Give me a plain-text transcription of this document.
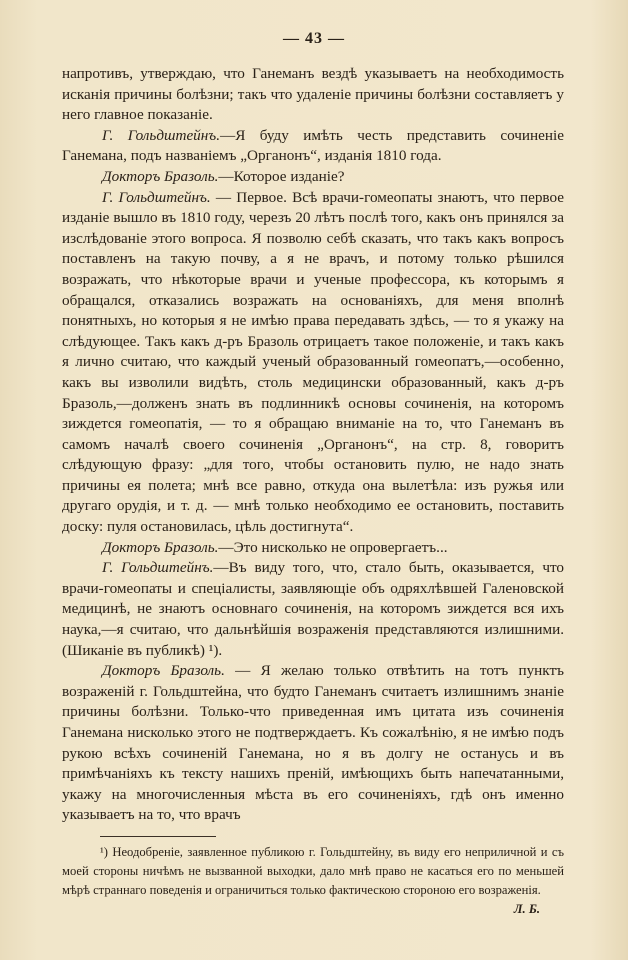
— 43 —

напротивъ, утверждаю, что Ганеманъ вездѣ указываетъ на необходимость исканія причины болѣзни; такъ что удаленіе причины болѣзни составляетъ у него главное показаніе.

Г. Гольдштейнъ.—Я буду имѣть честь представить сочиненіе Ганемана, подъ названіемъ „Органонъ“, изданія 1810 года.

Докторъ Бразоль.—Которое изданіе?

Г. Гольдштейнъ. — Первое. Всѣ врачи-гомеопаты знаютъ, что первое изданіе вышло въ 1810 году, черезъ 20 лѣтъ послѣ того, какъ онъ принялся за изслѣдованіе этого вопроса. Я позволю себѣ сказать, что такъ какъ вопросъ поставленъ на такую почву, а я не врачъ, и потому только рѣшился возражать, что нѣкоторые врачи и ученые профессора, къ которымъ я обращался, отказались возражать на основаніяхъ, для меня вполнѣ понятныхъ, но которыя я не имѣю права передавать здѣсь, — то я укажу на слѣдующее. Такъ какъ д-ръ Бразоль отрицаетъ такое положеніе, и такъ какъ я лично считаю, что каждый ученый образованный гомеопатъ,—особенно, какъ вы изволили видѣть, столь медицински образованный, какъ д-ръ Бразоль,—долженъ знать въ подлинникѣ основы сочиненія, на которомъ зиждется гомеопатія, — то я обращаю вниманіе на то, что Ганеманъ въ самомъ началѣ своего сочиненія „Органонъ“, на стр. 8, говоритъ слѣдующую фразу: „для того, чтобы остановить пулю, не надо знать причины ея полета; мнѣ все равно, откуда она вылетѣла: изъ ружья или другаго орудія, и т. д. — мнѣ только необходимо ее остановить, поставить доску: пуля остановилась, цѣль достигнута“.

Докторъ Бразоль.—Это нисколько не опровергаетъ...

Г. Гольдштейнъ.—Въ виду того, что, стало быть, оказывается, что врачи-гомеопаты и спеціалисты, заявляющіе объ одряхлѣвшей Галеновской медицинѣ, не знаютъ основнаго сочиненія, на которомъ зиждется вся ихъ наука,—я считаю, что дальнѣйшія возраженія представляются излишними. (Шиканіе въ публикѣ) ¹).

Докторъ Бразоль. — Я желаю только отвѣтить на тотъ пунктъ возраженій г. Гольдштейна, что будто Ганеманъ считаетъ излишнимъ знаніе причины болѣзни. Только-что приведенная имъ цитата изъ сочиненія Ганемана нисколько этого не подтверждаетъ. Къ сожалѣнію, я не имѣю подъ рукою всѣхъ сочиненій Ганемана, но я въ долгу не останусь и въ примѣчаніяхъ къ тексту нашихъ преній, имѣющихъ быть напечатанными, укажу на многочисленныя мѣста въ его сочиненіяхъ, гдѣ онъ именно указываетъ на то, что врачъ

¹) Неодобреніе, заявленное публикою г. Гольдштейну, въ виду его неприличной и съ моей стороны ничѣмъ не вызванной выходки, дало мнѣ право не касаться его по меньшей мѣрѣ страннаго поведенія и ограничиться только фактическою стороною его возраженія.
Л. Б.
